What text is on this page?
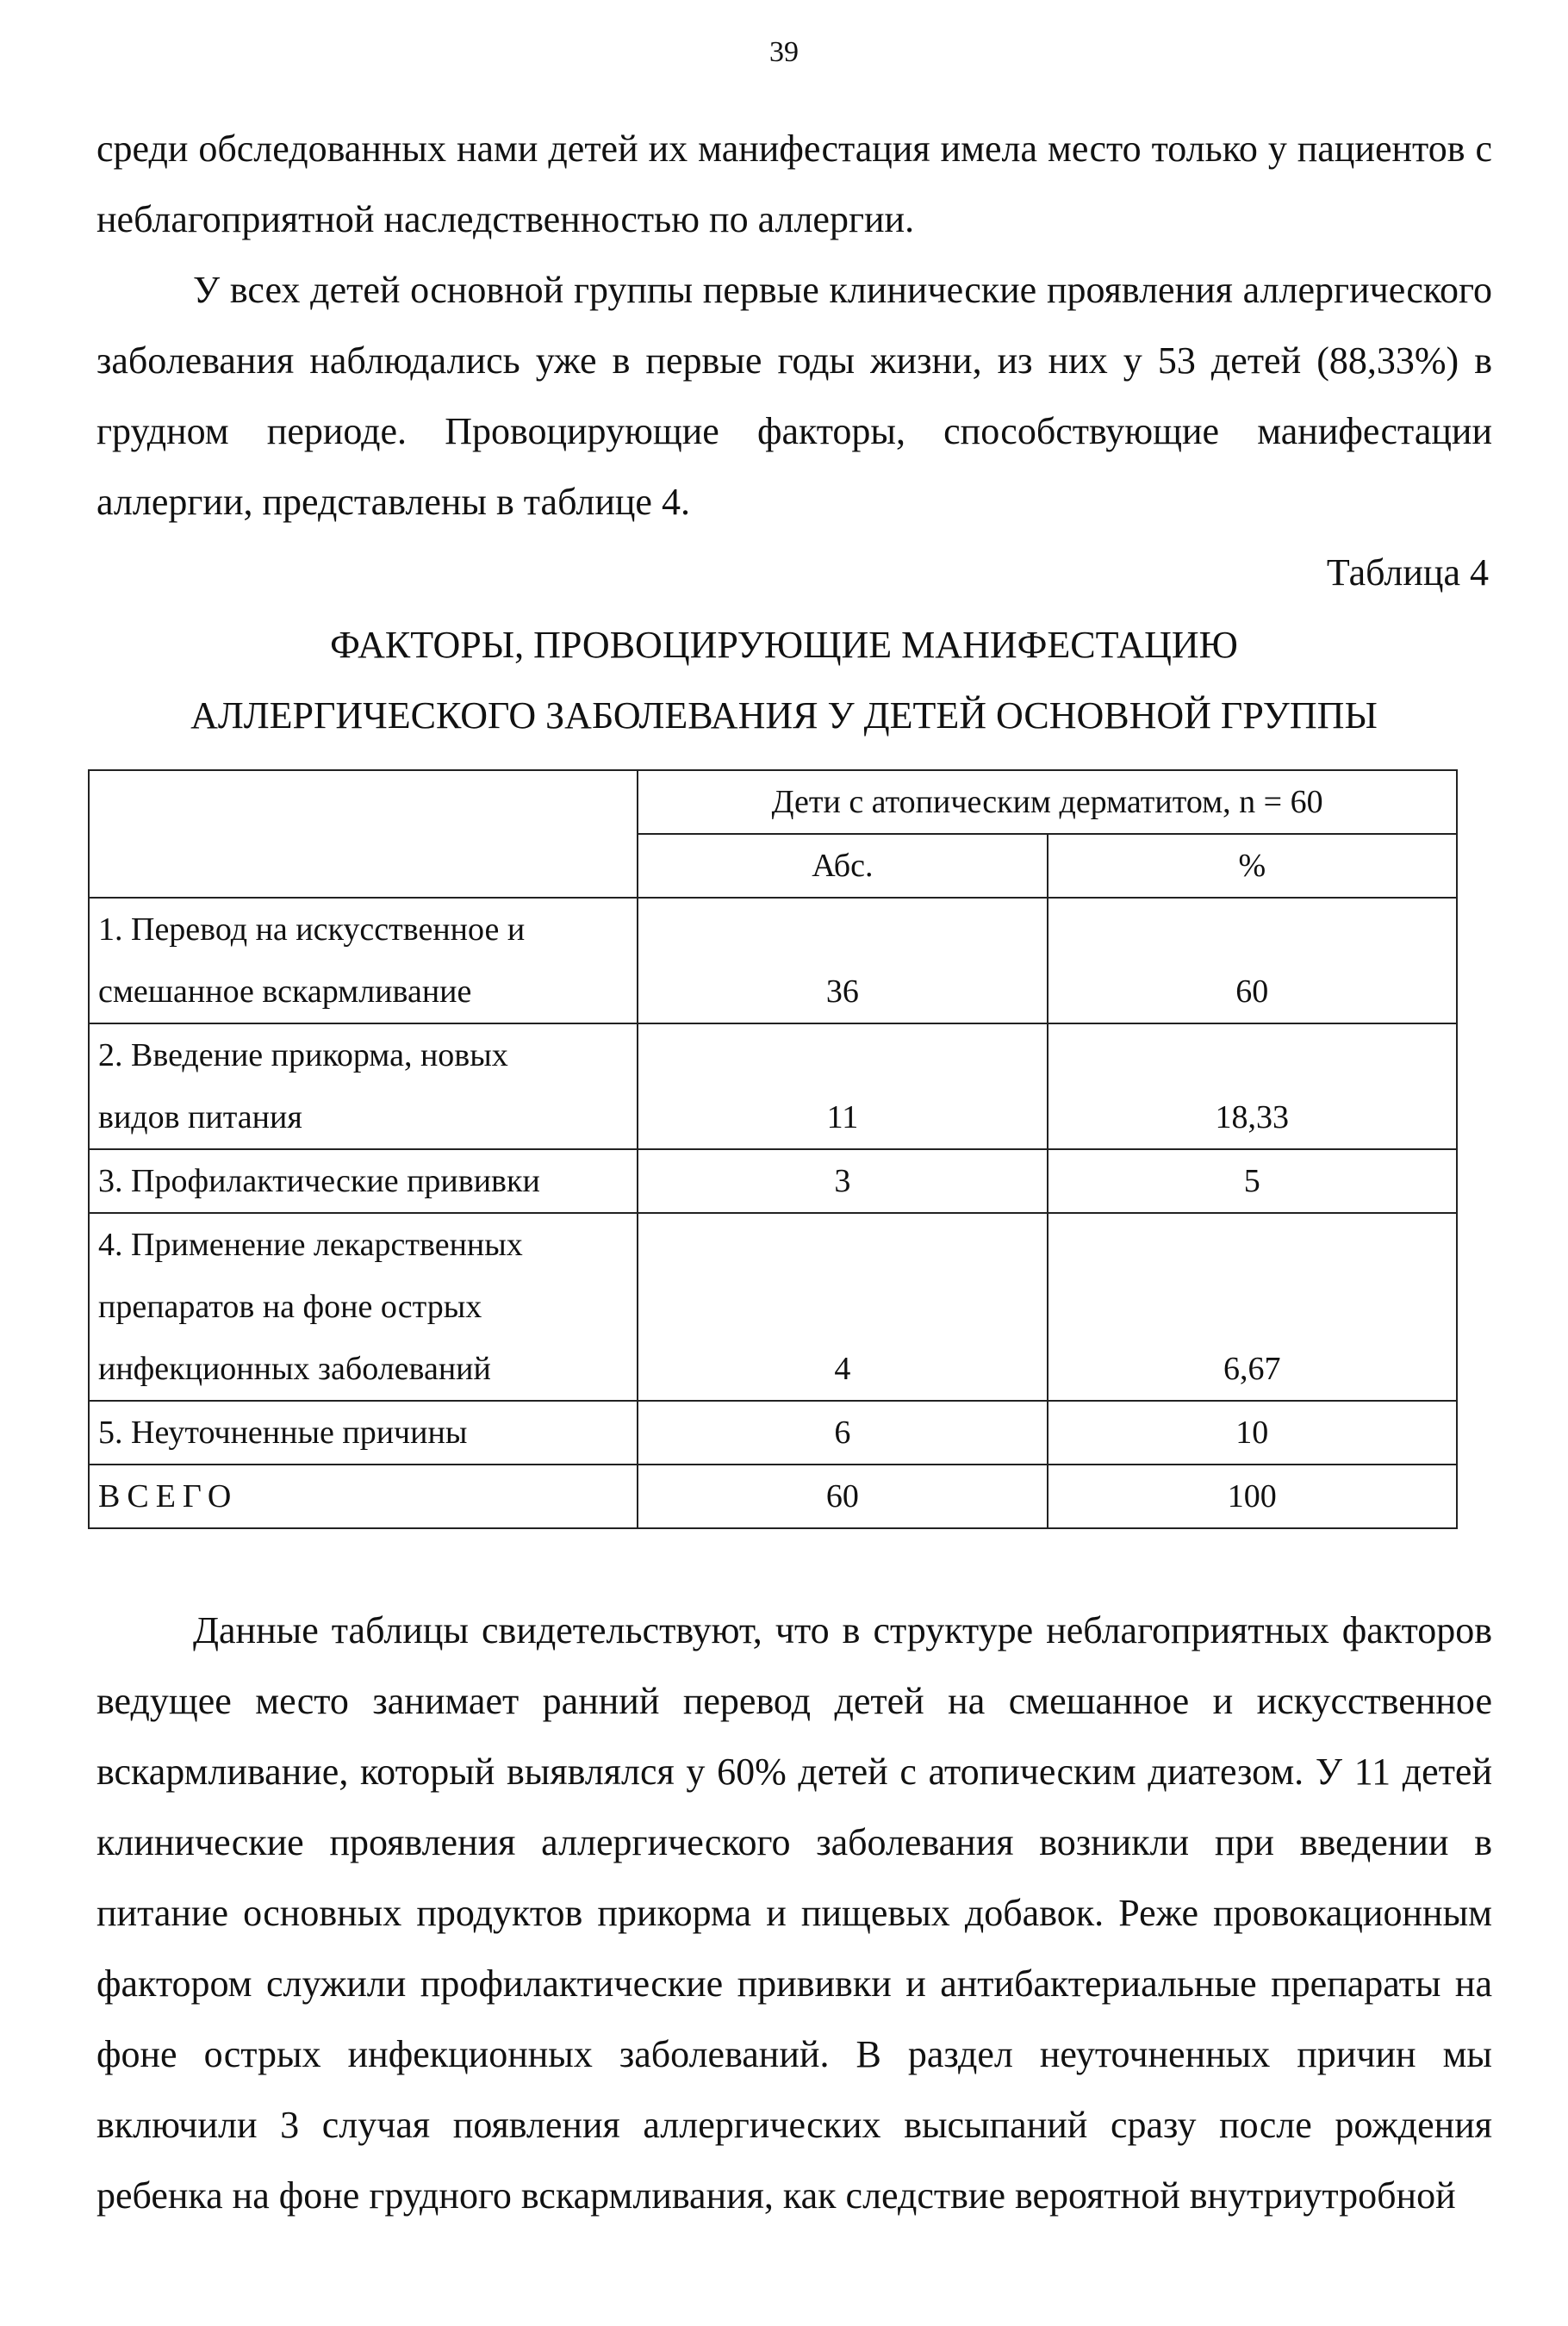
39

среди обследованных нами детей их манифестация имела место только у пациентов с неблагоприятной наследственностью по аллергии.

У всех детей основной группы первые клинические проявления аллергического заболевания наблюдались уже в первые годы жизни, из них у 53 детей (88,33%) в грудном периоде. Провоцирующие факторы, способствующие манифестации аллергии, представлены в таблице 4.

Таблица 4
ФАКТОРЫ, ПРОВОЦИРУЮЩИЕ МАНИФЕСТАЦИЮ
АЛЛЕРГИЧЕСКОГО ЗАБОЛЕВАНИЯ У ДЕТЕЙ ОСНОВНОЙ ГРУППЫ
	Дети с атопическим дерматитом, n = 60	
	Абс.	%

1. Перевод на искусственное и
смешанное вскармливание	36	60

2. Введение прикорма, новых
видов питания	11	18,33

3. Профилактические прививки	3	5

4. Применение лекарственных
препаратов на фоне острых
инфекционных заболеваний	4	6,67

5. Неуточненные причины	6	10
ВСЕГО	60	100

Данные таблицы свидетельствуют, что в структуре неблагоприятных факторов ведущее место занимает ранний перевод детей на смешанное и искусственное вскармливание, который выявлялся у 60% детей с атопическим диатезом. У 11 детей клинические проявления аллергического заболевания возникли при введении в питание основных продуктов прикорма и пищевых добавок. Реже провокационным фактором служили профилактические прививки и антибактериальные препараты на фоне острых инфекционных заболеваний. В раздел неуточненных причин мы включили 3 случая появления аллергических высыпаний сразу после рождения ребенка на фоне грудного вскармливания, как следствие вероятной внутриутробной
